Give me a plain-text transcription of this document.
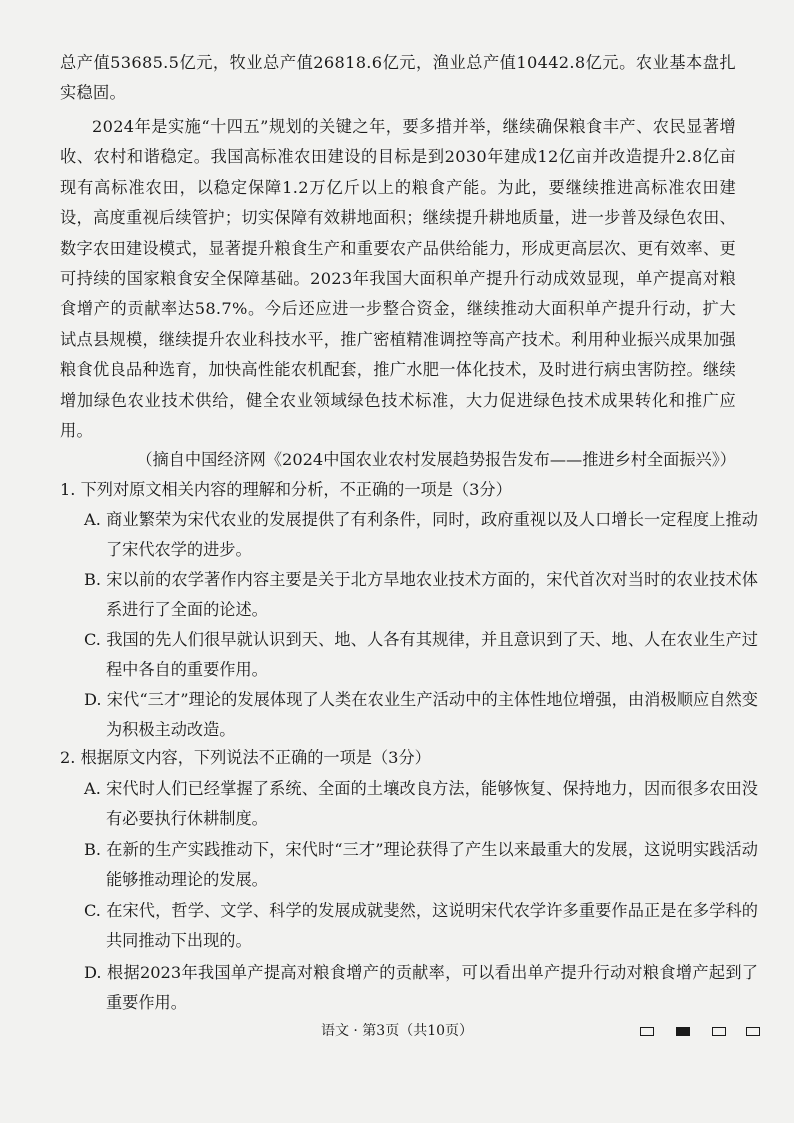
总产值53685.5亿元，牧业总产值26818.6亿元，渔业总产值10442.8亿元。农业基本盘扎实稳固。

2024年是实施“十四五”规划的关键之年，要多措并举，继续确保粮食丰产、农民显著增收、农村和谐稳定。我国高标准农田建设的目标是到2030年建成12亿亩并改造提升2.8亿亩现有高标准农田，以稳定保障1.2万亿斤以上的粮食产能。为此，要继续推进高标准农田建设，高度重视后续管护；切实保障有效耕地面积；继续提升耕地质量，进一步普及绿色农田、数字农田建设模式，显著提升粮食生产和重要农产品供给能力，形成更高层次、更有效率、更可持续的国家粮食安全保障基础。2023年我国大面积单产提升行动成效显现，单产提高对粮食增产的贡献率达58.7%。今后还应进一步整合资金，继续推动大面积单产提升行动，扩大试点县规模，继续提升农业科技水平，推广密植精准调控等高产技术。利用种业振兴成果加强粮食优良品种选育，加快高性能农机配套，推广水肥一体化技术，及时进行病虫害防控。继续增加绿色农业技术供给，健全农业领域绿色技术标准，大力促进绿色技术成果转化和推广应用。

（摘自中国经济网《2024中国农业农村发展趋势报告发布——推进乡村全面振兴》）

1. 下列对原文相关内容的理解和分析，不正确的一项是（3分）

A. 商业繁荣为宋代农业的发展提供了有利条件，同时，政府重视以及人口增长一定程度上推动了宋代农学的进步。

B. 宋以前的农学著作内容主要是关于北方旱地农业技术方面的，宋代首次对当时的农业技术体系进行了全面的论述。

C. 我国的先人们很早就认识到天、地、人各有其规律，并且意识到了天、地、人在农业生产过程中各自的重要作用。

D. 宋代“三才”理论的发展体现了人类在农业生产活动中的主体性地位增强，由消极顺应自然变为积极主动改造。

2. 根据原文内容，下列说法不正确的一项是（3分）

A. 宋代时人们已经掌握了系统、全面的土壤改良方法，能够恢复、保持地力，因而很多农田没有必要执行休耕制度。

B. 在新的生产实践推动下，宋代时“三才”理论获得了产生以来最重大的发展，这说明实践活动能够推动理论的发展。

C. 在宋代，哲学、文学、科学的发展成就斐然，这说明宋代农学许多重要作品正是在多学科的共同推动下出现的。

D. 根据2023年我国单产提高对粮食增产的贡献率，可以看出单产提升行动对粮食增产起到了重要作用。

语文 · 第3页（共10页）
